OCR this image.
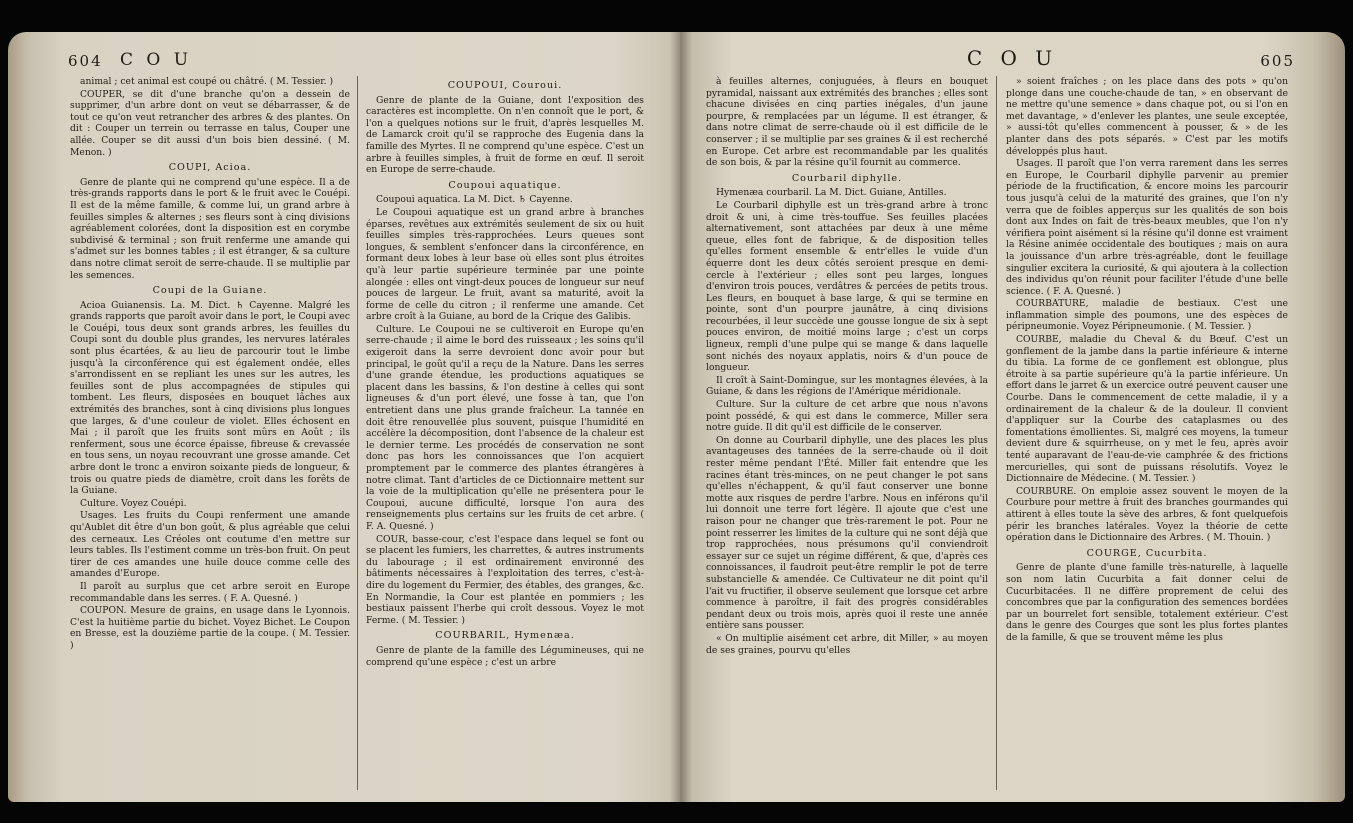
604 C O U

animal ; cet animal est coupé ou châtré. ( M. Tessier. )

COUPER, se dit d'une branche qu'on a dessein de supprimer, d'un arbre dont on veut se débarrasser, & de tout ce qu'on veut retrancher des arbres & des plantes. On dit : Couper un terrein ou terrasse en talus, Couper une allée. Couper se dit aussi d'un bois bien dessiné. ( M. Menon. )

COUPI, Acioa.

Genre de plante qui ne comprend qu'une espèce. Il a de très-grands rapports dans le port & le fruit avec le Couépi. Il est de la même famille, & comme lui, un grand arbre à feuilles simples & alternes ; ses fleurs sont à cinq divisions agréablement colorées, dont la disposition est en corymbe subdivisé & terminal ; son fruit renferme une amande qui s'admet sur les bonnes tables ; il est étranger, & sa culture dans notre climat seroit de serre-chaude. Il se multiplie par les semences.

Coupi de la Guiane.

Acioa Guianensis. La. M. Dict. ♄ Cayenne. Malgré les grands rapports que paroît avoir dans le port, le Coupi avec le Couépi, tous deux sont grands arbres, les feuilles du Coupi sont du double plus grandes, les nervures latérales sont plus écartées, & au lieu de parcourir tout le limbe jusqu'à la circonférence qui est également ondée, elles s'arrondissent en se repliant les unes sur les autres, les feuilles sont de plus accompagnées de stipules qui tombent. Les fleurs, disposées en bouquet lâches aux extrémités des branches, sont à cinq divisions plus longues que larges, & d'une couleur de violet. Elles échosent en Mai ; il paroît que les fruits sont mûrs en Août ; ils renferment, sous une écorce épaisse, fibreuse & crevassée en tous sens, un noyau recouvrant une grosse amande. Cet arbre dont le tronc a environ soixante pieds de longueur, & trois ou quatre pieds de diamètre, croît dans les forêts de la Guiane.

Culture. Voyez Couépi.

Usages. Les fruits du Coupi renferment une amande qu'Aublet dit être d'un bon goût, & plus agréable que celui des cerneaux. Les Créoles ont coutume d'en mettre sur leurs tables. Ils l'estiment comme un très-bon fruit. On peut tirer de ces amandes une huile douce comme celle des amandes d'Europe.

Il paroît au surplus que cet arbre seroit en Europe recommandable dans les serres. ( F. A. Quesné. )

COUPON. Mesure de grains, en usage dans le Lyonnois. C'est la huitième partie du bichet. Voyez Bichet. Le Coupon en Bresse, est la douzième partie de la coupe. ( M. Tessier. )

COUPOUI, Couroui.

Genre de plante de la Guiane, dont l'exposition des caractères est incomplette. On n'en connoît que le port, & l'on a quelques notions sur le fruit, d'après lesquelles M. de Lamarck croit qu'il se rapproche des Eugenia dans la famille des Myrtes. Il ne comprend qu'une espèce. C'est un arbre à feuilles simples, à fruit de forme en œuf. Il seroit en Europe de serre-chaude.

Coupoui aquatique.

Coupoui aquatica. La M. Dict. ♄ Cayenne.

Le Coupoui aquatique est un grand arbre à branches éparses, revêtues aux extrémités seulement de six ou huit feuilles simples très-rapprochées. Leurs queues sont longues, & semblent s'enfoncer dans la circonférence, en formant deux lobes à leur base où elles sont plus étroites qu'à leur partie supérieure terminée par une pointe alongée : elles ont vingt-deux pouces de longueur sur neuf pouces de largeur. Le fruit, avant sa maturité, avoit la forme de celle du citron ; il renferme une amande. Cet arbre croît à la Guiane, au bord de la Crique des Galibis.

Culture. Le Coupoui ne se cultiveroit en Europe qu'en serre-chaude ; il aime le bord des ruisseaux ; les soins qu'il exigeroit dans la serre devroient donc avoir pour but principal, le goût qu'il a reçu de la Nature. Dans les serres d'une grande étendue, les productions aquatiques se placent dans les bassins, & l'on destine à celles qui sont ligneuses & d'un port élevé, une fosse à tan, que l'on entretient dans une plus grande fraîcheur. La tannée en doit être renouvellée plus souvent, puisque l'humidité en accélère la décomposition, dont l'absence de la chaleur est le dernier terme. Les procédés de conservation ne sont donc pas hors les connoissances que l'on acquiert promptement par le commerce des plantes étrangères à notre climat. Tant d'articles de ce Dictionnaire mettent sur la voie de la multiplication qu'elle ne présentera pour le Coupoui, aucune difficulté, lorsque l'on aura des renseignements plus certains sur les fruits de cet arbre. ( F. A. Quesné. )

COUR, basse-cour, c'est l'espace dans lequel se font ou se placent les fumiers, les charrettes, & autres instruments du labourage ; il est ordinairement environné des bâtiments nécessaires à l'exploitation des terres, c'est-à-dire du logement du Fermier, des étables, des granges, &c. En Normandie, la Cour est plantée en pommiers ; les bestiaux paissent l'herbe qui croît dessous. Voyez le mot Ferme. ( M. Tessier. )

COURBARIL, Hymenæa.

Genre de plante de la famille des Légumineuses, qui ne comprend qu'une espèce ; c'est un arbre

C O U	605

à feuilles alternes, conjuguées, à fleurs en bouquet pyramidal, naissant aux extrémités des branches ; elles sont chacune divisées en cinq parties inégales, d'un jaune pourpre, & remplacées par un légume. Il est étranger, & dans notre climat de serre-chaude où il est difficile de le conserver ; il se multiplie par ses graines & il est recherché en Europe. Cet arbre est recommandable par les qualités de son bois, & par la résine qu'il fournit au commerce.

Courbaril diphylle.

Hymenæa courbaril. La M. Dict. Guiane, Antilles.

Le Courbaril diphylle est un très-grand arbre à tronc droit & uni, à cime très-touffue. Ses feuilles placées alternativement, sont attachées par deux à une même queue, elles font de fabrique, & de disposition telles qu'elles forment ensemble & entr'elles le vuide d'un équerre dont les deux côtés seroient presque en demi-cercle à l'extérieur ; elles sont peu larges, longues d'environ trois pouces, verdâtres & percées de petits trous. Les fleurs, en bouquet à base large, & qui se termine en pointe, sont d'un pourpre jaunâtre, à cinq divisions recourbées, il leur succède une gousse longue de six à sept pouces environ, de moitié moins large ; c'est un corps ligneux, rempli d'une pulpe qui se mange & dans laquelle sont nichés des noyaux applatis, noirs & d'un pouce de longueur.

Il croît à Saint-Domingue, sur les montagnes élevées, à la Guiane, & dans les régions de l'Amérique méridionale.

Culture. Sur la culture de cet arbre que nous n'avons point possédé, & qui est dans le commerce, Miller sera notre guide. Il dit qu'il est difficile de le conserver.

On donne au Courbaril diphylle, une des places les plus avantageuses des tannées de la serre-chaude où il doit rester même pendant l'Été. Miller fait entendre que les racines étant très-minces, on ne peut changer le pot sans qu'elles n'échappent, & qu'il faut conserver une bonne motte aux risques de perdre l'arbre. Nous en inférons qu'il lui donnoit une terre fort légère. Il ajoute que c'est une raison pour ne changer que très-rarement le pot. Pour ne point resserrer les limites de la culture qui ne sont déjà que trop rapprochées, nous présumons qu'il conviendroit essayer sur ce sujet un régime différent, & que, d'après ces connoissances, il faudroit peut-être remplir le pot de terre substancielle & amendée. Ce Cultivateur ne dit point qu'il l'ait vu fructifier, il observe seulement que lorsque cet arbre commence à paroître, il fait des progrès considérables pendant deux ou trois mois, après quoi il reste une année entière sans pousser.

« On multiplie aisément cet arbre, dit Miller, » au moyen de ses graines, pourvu qu'elles

» soient fraîches ; on les place dans des pots » qu'on plonge dans une couche-chaude de tan, » en observant de ne mettre qu'une semence » dans chaque pot, ou si l'on en met davantage, » d'enlever les plantes, une seule exceptée, » aussi-tôt qu'elles commencent à pousser, & » de les planter dans des pots séparés. » C'est par les motifs développés plus haut.

Usages. Il paroît que l'on verra rarement dans les serres en Europe, le Courbaril diphylle parvenir au premier période de la fructification, & encore moins les parcourir tous jusqu'à celui de la maturité des graines, que l'on n'y verra que de foibles apperçus sur les qualités de son bois dont aux Indes on fait de très-beaux meubles, que l'on n'y vérifiera point aisément si la résine qu'il donne est vraiment la Résine animée occidentale des boutiques ; mais on aura la jouissance d'un arbre très-agréable, dont le feuillage singulier excitera la curiosité, & qui ajoutera à la collection des individus qu'on réunit pour faciliter l'étude d'une belle science. ( F. A. Quesné. )

COURBATURE, maladie de bestiaux. C'est une inflammation simple des poumons, une des espèces de péripneumonie. Voyez Péripneumonie. ( M. Tessier. )

COURBE, maladie du Cheval & du Bœuf. C'est un gonflement de la jambe dans la partie inférieure & interne du tibia. La forme de ce gonflement est oblongue, plus étroite à sa partie supérieure qu'à la partie inférieure. Un effort dans le jarret & un exercice outré peuvent causer une Courbe. Dans le commencement de cette maladie, il y a ordinairement de la chaleur & de la douleur. Il convient d'appliquer sur la Courbe des cataplasmes ou des fomentations émollientes. Si, malgré ces moyens, la tumeur devient dure & squirrheuse, on y met le feu, après avoir tenté auparavant de l'eau-de-vie camphrée & des frictions mercurielles, qui sont de puissans résolutifs. Voyez le Dictionnaire de Médecine. ( M. Tessier. )

COURBURE. On emploie assez souvent le moyen de la Courbure pour mettre à fruit des branches gourmandes qui attirent à elles toute la sève des arbres, & font quelquefois périr les branches latérales. Voyez la théorie de cette opération dans le Dictionnaire des Arbres. ( M. Thouin. )

COURGE, Cucurbita.

Genre de plante d'une famille très-naturelle, à laquelle son nom latin Cucurbita a fait donner celui de Cucurbitacées. Il ne diffère proprement de celui des concombres que par la configuration des semences bordées par un bourrelet fort sensible, totalement extérieur. C'est dans le genre des Courges que sont les plus fortes plantes de la famille, & que se trouvent même les plus
